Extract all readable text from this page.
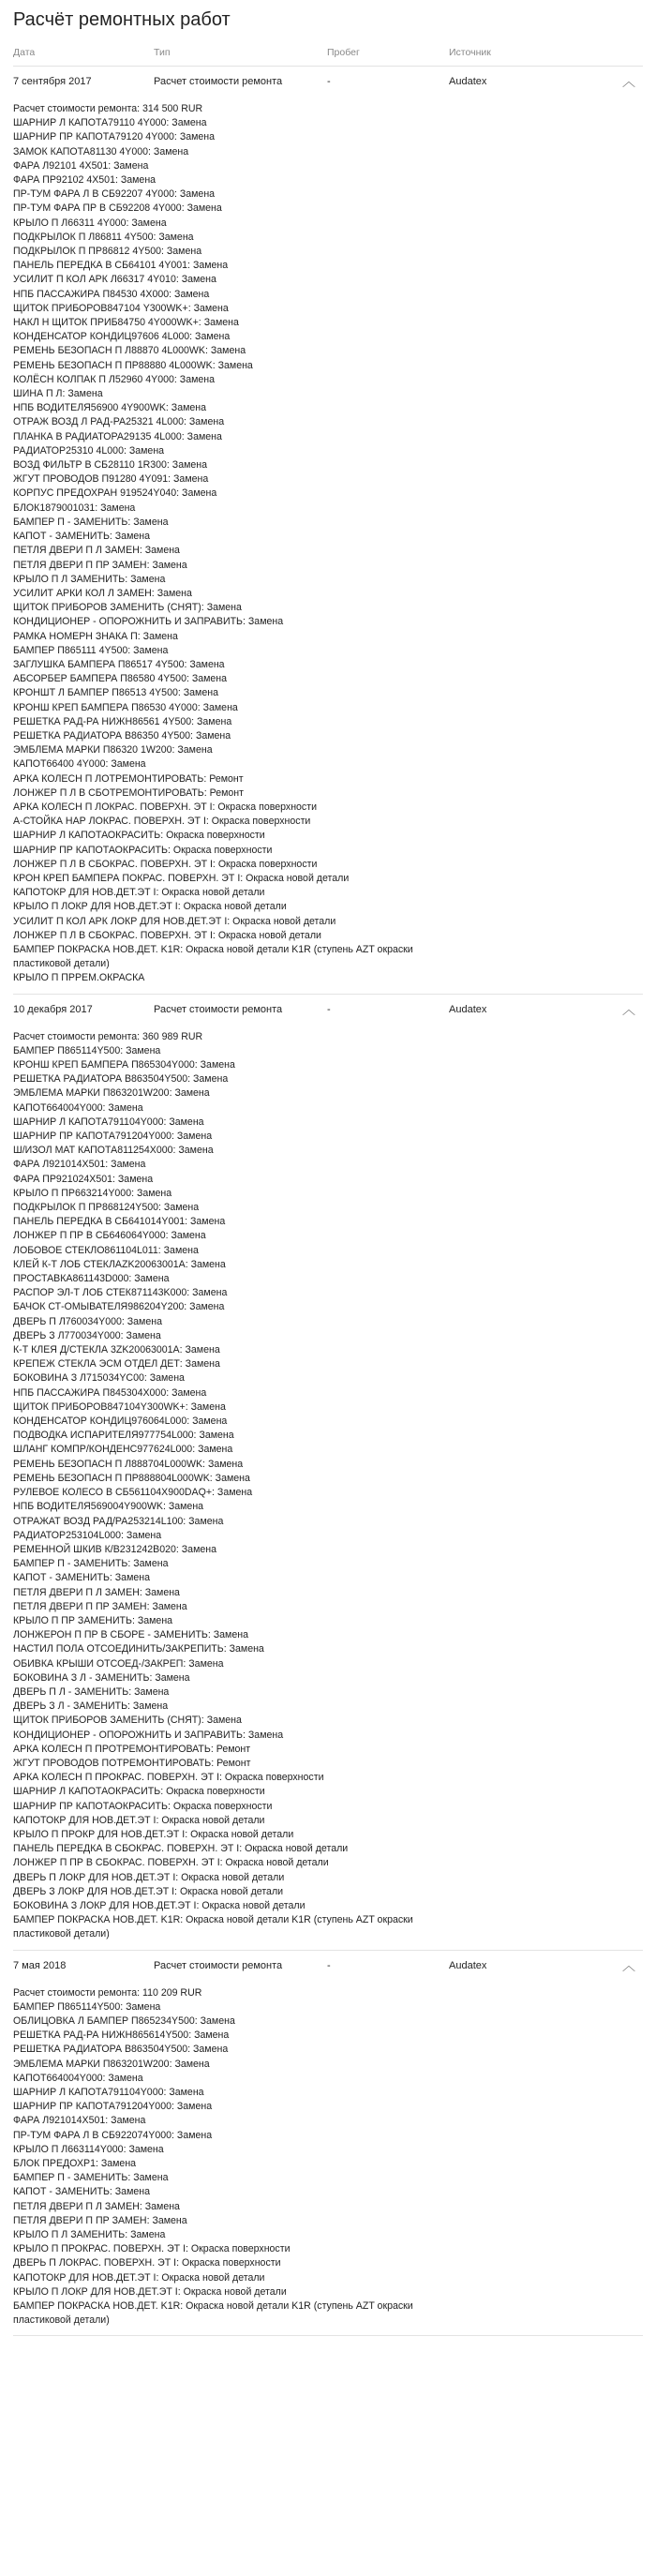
Расчёт ремонтных работ
Дата	Тип	Пробег	Источник
7 сентября 2017	Расчет стоимости ремонта	-	Audatex	︿
Расчет стоимости ремонта: 314 500 RUR
ШАРНИР Л КАПОТА79110 4Y000: Замена
ШАРНИР ПР КАПОТА79120 4Y000: Замена
ЗАМОК КАПОТА81130 4Y000: Замена
ФАРА Л92101 4X501: Замена
ФАРА ПР92102 4X501: Замена
ПР-ТУМ ФАРА Л В СБ92207 4Y000: Замена
ПР-ТУМ ФАРА ПР В СБ92208 4Y000: Замена
КРЫЛО П Л66311 4Y000: Замена
ПОДКРЫЛОК П Л86811 4Y500: Замена
ПОДКРЫЛОК П ПР86812 4Y500: Замена
ПАНЕЛЬ ПЕРЕДКА В СБ64101 4Y001: Замена
УСИЛИТ П КОЛ АРК Л66317 4Y010: Замена
НПБ ПАССАЖИРА П84530 4X000: Замена
ЩИТОК ПРИБОРОВ847104 Y300WK+: Замена
НАКЛ Н ЩИТОК ПРИБ84750 4Y000WK+: Замена
КОНДЕНСАТОР КОНДИЦ97606 4L000: Замена
РЕМЕНЬ БЕЗОПАСН П Л88870 4L000WK: Замена
РЕМЕНЬ БЕЗОПАСН П ПР88880 4L000WK: Замена
КОЛЁСН КОЛПАК П Л52960 4Y000: Замена
ШИНА П Л: Замена
НПБ ВОДИТЕЛЯ56900 4Y900WK: Замена
ОТРАЖ ВОЗД Л РАД-РА25321 4L000: Замена
ПЛАНКА В РАДИАТОРА29135 4L000: Замена
РАДИАТОР25310 4L000: Замена
ВОЗД ФИЛЬТР В СБ28110 1R300: Замена
ЖГУТ ПРОВОДОВ П91280 4Y091: Замена
КОРПУС ПРЕДОХРАН 919524Y040: Замена
БЛОК1879001031: Замена
БАМПЕР П - ЗАМЕНИТЬ: Замена
КАПОТ - ЗАМЕНИТЬ: Замена
ПЕТЛЯ ДВЕРИ П Л ЗАМЕН: Замена
ПЕТЛЯ ДВЕРИ П ПР ЗАМЕН: Замена
КРЫЛО П Л ЗАМЕНИТЬ: Замена
УСИЛИТ АРКИ КОЛ Л ЗАМЕН: Замена
ЩИТОК ПРИБОРОВ ЗАМЕНИТЬ (СНЯТ): Замена
КОНДИЦИОНЕР - ОПОРОЖНИТЬ И ЗАПРАВИТЬ: Замена
РАМКА НОМЕРН ЗНАКА П: Замена
БАМПЕР П865111 4Y500: Замена
ЗАГЛУШКА БАМПЕРА П86517 4Y500: Замена
АБСОРБЕР БАМПЕРА П86580 4Y500: Замена
КРОНШТ Л БАМПЕР П86513 4Y500: Замена
КРОНШ КРЕП БАМПЕРА П86530 4Y000: Замена
РЕШЕТКА РАД-РА НИЖН86561 4Y500: Замена
РЕШЕТКА РАДИАТОРА В86350 4Y500: Замена
ЭМБЛЕМА МАРКИ П86320 1W200: Замена
КАПОТ66400 4Y000: Замена
АРКА КОЛЕСН П ЛОТРЕМОНТИРОВАТЬ: Ремонт
ЛОНЖЕР П Л В СБОТРЕМОНТИРОВАТЬ: Ремонт
АРКА КОЛЕСН П ЛОКРАС. ПОВЕРХН. ЭТ I: Окраска поверхности
А-СТОЙКА НАР ЛОКРАС. ПОВЕРХН. ЭТ I: Окраска поверхности
ШАРНИР Л КАПОТАОКРАСИТЬ: Окраска поверхности
ШАРНИР ПР КАПОТАОКРАСИТЬ: Окраска поверхности
ЛОНЖЕР П Л В СБОКРАС. ПОВЕРХН. ЭТ I: Окраска поверхности
КРОН КРЕП БАМПЕРА ПОКРАС. ПОВЕРХН. ЭТ I: Окраска новой детали
КАПОТОКР ДЛЯ НОВ.ДЕТ.ЭТ I: Окраска новой детали
КРЫЛО П ЛОКР ДЛЯ НОВ.ДЕТ.ЭТ I: Окраска новой детали
УСИЛИТ П КОЛ АРК ЛОКР ДЛЯ НОВ.ДЕТ.ЭТ I: Окраска новой детали
ЛОНЖЕР П Л В СБОКРАС. ПОВЕРХН. ЭТ I: Окраска новой детали
БАМПЕР ПОКРАСКА НОВ.ДЕТ. K1R: Окраска новой детали K1R (ступень AZT окраски пластиковой детали)
КРЫЛО П ПРРЕМ.ОКРАСКА
10 декабря 2017	Расчет стоимости ремонта	-	Audatex	︿
Расчет стоимости ремонта: 360 989 RUR
БАМПЕР П865114Y500: Замена
КРОНШ КРЕП БАМПЕРА П865304Y000: Замена
РЕШЕТКА РАДИАТОРА В863504Y500: Замена
ЭМБЛЕМА МАРКИ П863201W200: Замена
КАПОТ664004Y000: Замена
ШАРНИР Л КАПОТА791104Y000: Замена
ШАРНИР ПР КАПОТА791204Y000: Замена
Ш/ИЗОЛ МАТ КАПОТА811254X000: Замена
ФАРА Л921014X501: Замена
ФАРА ПР921024X501: Замена
КРЫЛО П ПР663214Y000: Замена
ПОДКРЫЛОК П ПР868124Y500: Замена
ПАНЕЛЬ ПЕРЕДКА В СБ641014Y001: Замена
ЛОНЖЕР П ПР В СБ646064Y000: Замена
ЛОБОВОЕ СТЕКЛО861104L011: Замена
КЛЕЙ К-Т ЛОБ СТЕКЛАZK20063001A: Замена
ПРОСТАВКА861143D000: Замена
РАСПОР ЭЛ-Т ЛОБ СТЕК871143K000: Замена
БАЧОК СТ-ОМЫВАТЕЛЯ986204Y200: Замена
ДВЕРЬ П Л760034Y000: Замена
ДВЕРЬ З Л770034Y000: Замена
К-Т КЛЕЯ Д/СТЕКЛА 3ZK20063001A: Замена
КРЕПЕЖ СТЕКЛА ЭСМ ОТДЕЛ ДЕТ: Замена
БОКОВИНА З Л715034YC00: Замена
НПБ ПАССАЖИРА П845304X000: Замена
ЩИТОК ПРИБОРОВ847104Y300WK+: Замена
КОНДЕНСАТОР КОНДИЦ976064L000: Замена
ПОДВОДКА ИСПАРИТЕЛЯ977754L000: Замена
ШЛАНГ КОМПР/КОНДЕНС977624L000: Замена
РЕМЕНЬ БЕЗОПАСН П Л888704L000WK: Замена
РЕМЕНЬ БЕЗОПАСН П ПР888804L000WK: Замена
РУЛЕВОЕ КОЛЕСО В СБ561104X900DAQ+: Замена
НПБ ВОДИТЕЛЯ569004Y900WK: Замена
ОТРАЖАТ ВОЗД РАД/РА253214L100: Замена
РАДИАТОР253104L000: Замена
РЕМЕННОЙ ШКИВ К/В231242B020: Замена
БАМПЕР П - ЗАМЕНИТЬ: Замена
КАПОТ - ЗАМЕНИТЬ: Замена
ПЕТЛЯ ДВЕРИ П Л ЗАМЕН: Замена
ПЕТЛЯ ДВЕРИ П ПР ЗАМЕН: Замена
КРЫЛО П ПР ЗАМЕНИТЬ: Замена
ЛОНЖЕРОН П ПР В СБОРЕ - ЗАМЕНИТЬ: Замена
НАСТИЛ ПОЛА ОТСОЕДИНИТЬ/ЗАКРЕПИТЬ: Замена
ОБИВКА КРЫШИ ОТСОЕД-/ЗАКРЕП: Замена
БОКОВИНА З Л - ЗАМЕНИТЬ: Замена
ДВЕРЬ П Л - ЗАМЕНИТЬ: Замена
ДВЕРЬ З Л - ЗАМЕНИТЬ: Замена
ЩИТОК ПРИБОРОВ ЗАМЕНИТЬ (СНЯТ): Замена
КОНДИЦИОНЕР - ОПОРОЖНИТЬ И ЗАПРАВИТЬ: Замена
АРКА КОЛЕСН П ПРОТРЕМОНТИРОВАТЬ: Ремонт
ЖГУТ ПРОВОДОВ ПОТРЕМОНТИРОВАТЬ: Ремонт
АРКА КОЛЕСН П ПРОКРАС. ПОВЕРХН. ЭТ I: Окраска поверхности
ШАРНИР Л КАПОТАОКРАСИТЬ: Окраска поверхности
ШАРНИР ПР КАПОТАОКРАСИТЬ: Окраска поверхности
КАПОТОКР ДЛЯ НОВ.ДЕТ.ЭТ I: Окраска новой детали
КРЫЛО П ПРОКР ДЛЯ НОВ.ДЕТ.ЭТ I: Окраска новой детали
ПАНЕЛЬ ПЕРЕДКА В СБОКРАС. ПОВЕРХН. ЭТ I: Окраска новой детали
ЛОНЖЕР П ПР В СБОКРАС. ПОВЕРХН. ЭТ I: Окраска новой детали
ДВЕРЬ П ЛОКР ДЛЯ НОВ.ДЕТ.ЭТ I: Окраска новой детали
ДВЕРЬ З ЛОКР ДЛЯ НОВ.ДЕТ.ЭТ I: Окраска новой детали
БОКОВИНА З ЛОКР ДЛЯ НОВ.ДЕТ.ЭТ I: Окраска новой детали
БАМПЕР ПОКРАСКА НОВ.ДЕТ. K1R: Окраска новой детали K1R (ступень AZT окраски пластиковой детали)
7 мая 2018	Расчет стоимости ремонта	-	Audatex	︿
Расчет стоимости ремонта: 110 209 RUR
БАМПЕР П865114Y500: Замена
ОБЛИЦОВКА Л БАМПЕР П865234Y500: Замена
РЕШЕТКА РАД-РА НИЖН865614Y500: Замена
РЕШЕТКА РАДИАТОРА В863504Y500: Замена
ЭМБЛЕМА МАРКИ П863201W200: Замена
КАПОТ664004Y000: Замена
ШАРНИР Л КАПОТА791104Y000: Замена
ШАРНИР ПР КАПОТА791204Y000: Замена
ФАРА Л921014X501: Замена
ПР-ТУМ ФАРА Л В СБ922074Y000: Замена
КРЫЛО П Л663114Y000: Замена
БЛОК ПРЕДОХР1: Замена
БАМПЕР П - ЗАМЕНИТЬ: Замена
КАПОТ - ЗАМЕНИТЬ: Замена
ПЕТЛЯ ДВЕРИ П Л ЗАМЕН: Замена
ПЕТЛЯ ДВЕРИ П ПР ЗАМЕН: Замена
КРЫЛО П Л ЗАМЕНИТЬ: Замена
КРЫЛО П ПРОКРАС. ПОВЕРХН. ЭТ I: Окраска поверхности
ДВЕРЬ П ЛОКРАС. ПОВЕРХН. ЭТ I: Окраска поверхности
КАПОТОКР ДЛЯ НОВ.ДЕТ.ЭТ I: Окраска новой детали
КРЫЛО П ЛОКР ДЛЯ НОВ.ДЕТ.ЭТ I: Окраска новой детали
БАМПЕР ПОКРАСКА НОВ.ДЕТ. K1R: Окраска новой детали K1R (ступень AZT окраски пластиковой детали)
